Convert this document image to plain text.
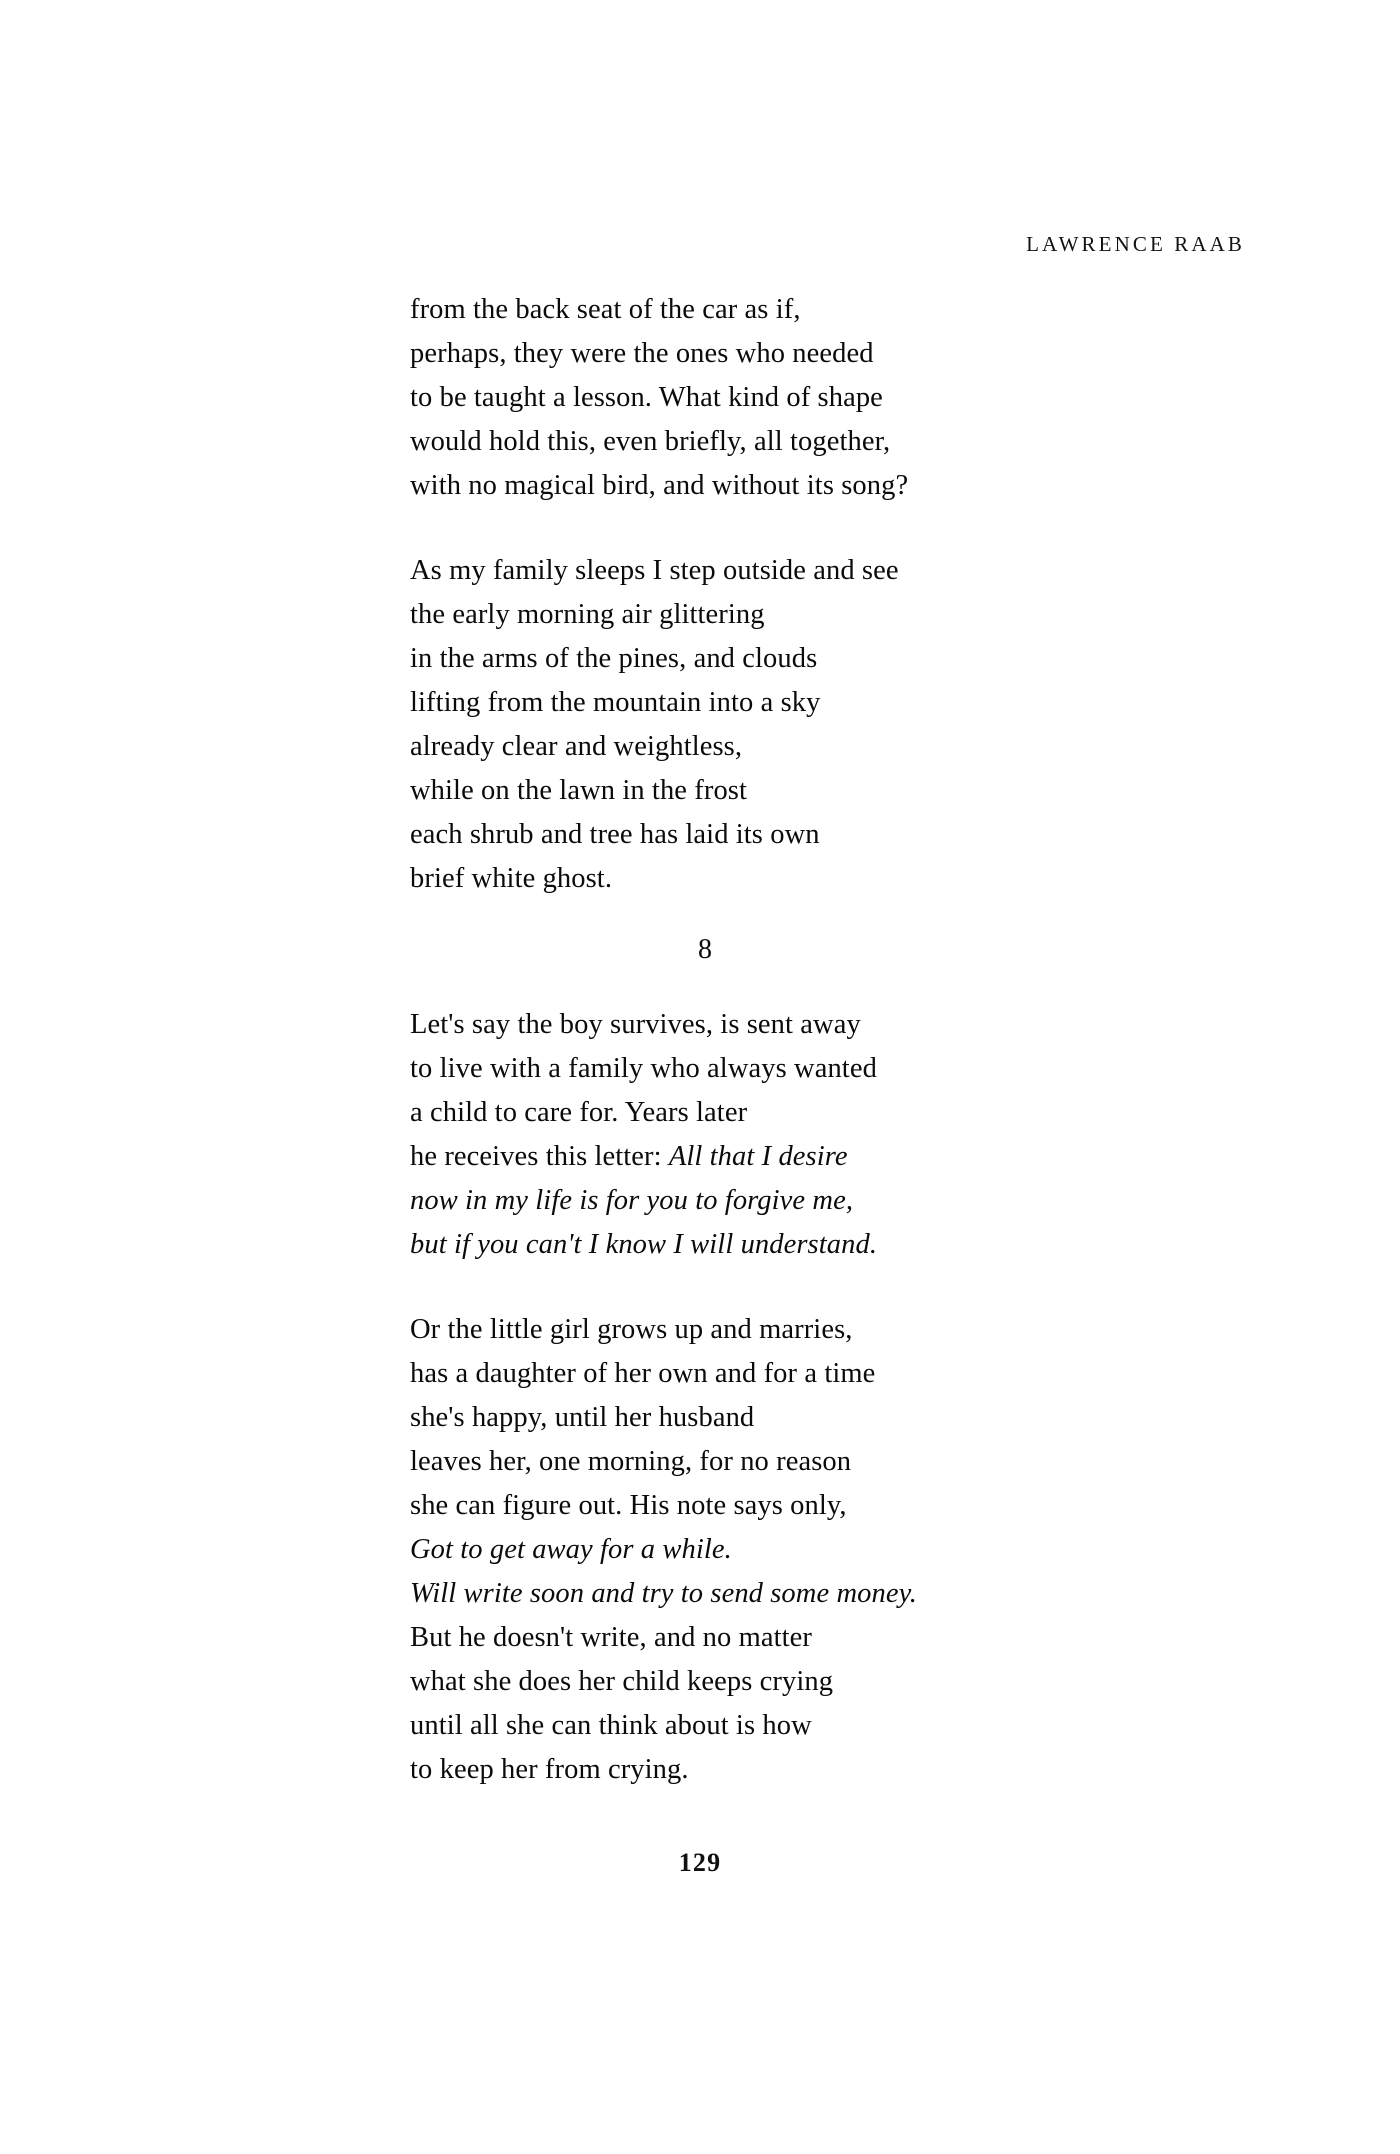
LAWRENCE RAAB
from the back seat of the car as if,
perhaps, they were the ones who needed
to be taught a lesson. What kind of shape
would hold this, even briefly, all together,
with no magical bird, and without its song?
As my family sleeps I step outside and see
the early morning air glittering
in the arms of the pines, and clouds
lifting from the mountain into a sky
already clear and weightless,
while on the lawn in the frost
each shrub and tree has laid its own
brief white ghost.
8
Let's say the boy survives, is sent away
to live with a family who always wanted
a child to care for. Years later
he receives this letter: All that I desire
now in my life is for you to forgive me,
but if you can't I know I will understand.
Or the little girl grows up and marries,
has a daughter of her own and for a time
she's happy, until her husband
leaves her, one morning, for no reason
she can figure out. His note says only,
Got to get away for a while.
Will write soon and try to send some money.
But he doesn't write, and no matter
what she does her child keeps crying
until all she can think about is how
to keep her from crying.
129
